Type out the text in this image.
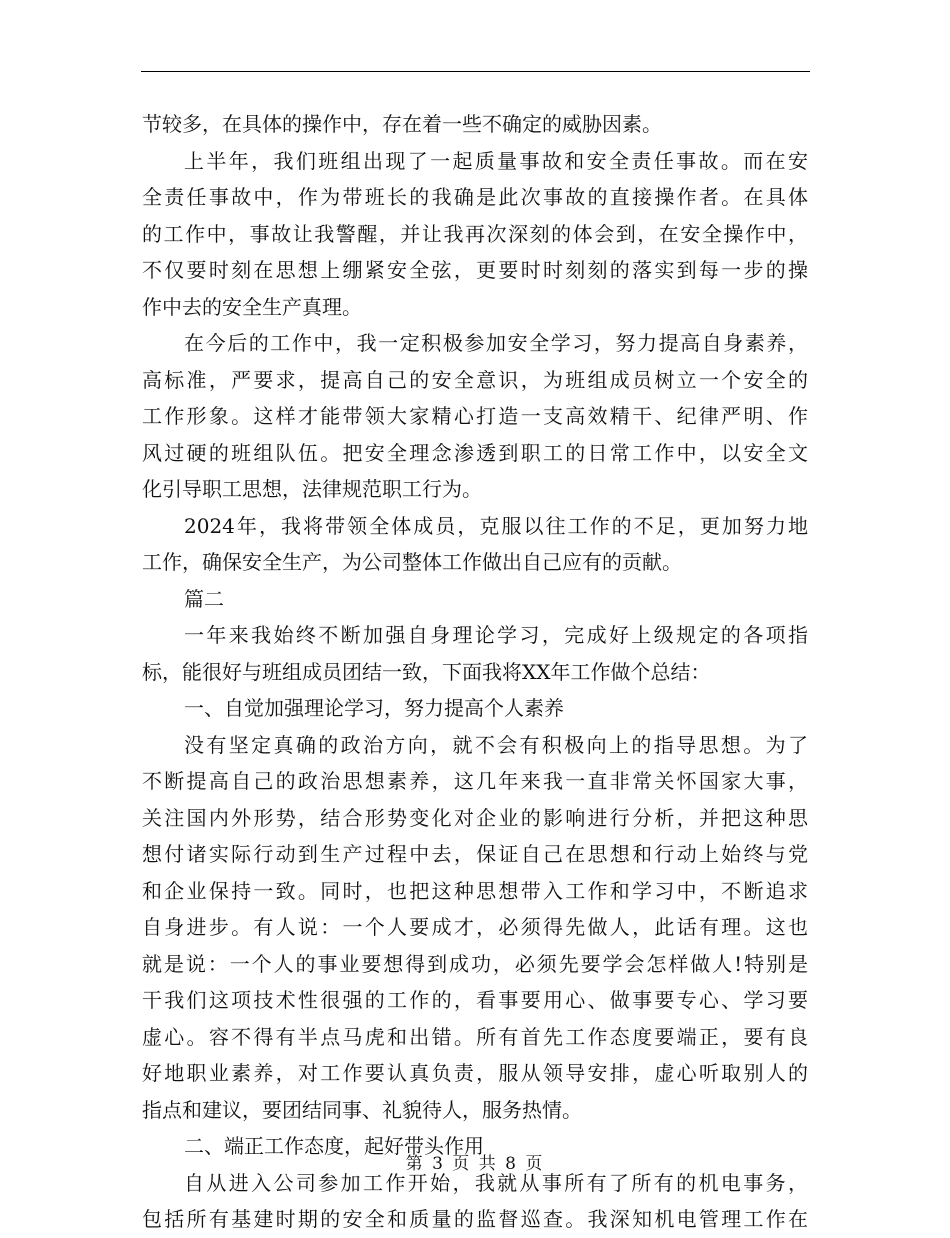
节较多，在具体的操作中，存在着一些不确定的威胁因素。
上半年，我们班组出现了一起质量事故和安全责任事故。而在安
全责任事故中，作为带班长的我确是此次事故的直接操作者。在具体
的工作中，事故让我警醒，并让我再次深刻的体会到，在安全操作中，
不仅要时刻在思想上绷紧安全弦，更要时时刻刻的落实到每一步的操
作中去的安全生产真理。
在今后的工作中，我一定积极参加安全学习，努力提高自身素养，
高标准，严要求，提高自己的安全意识，为班组成员树立一个安全的
工作形象。这样才能带领大家精心打造一支高效精干、纪律严明、作
风过硬的班组队伍。把安全理念渗透到职工的日常工作中，以安全文
化引导职工思想，法律规范职工行为。
2024年，我将带领全体成员，克服以往工作的不足，更加努力地
工作，确保安全生产，为公司整体工作做出自己应有的贡献。
篇二
一年来我始终不断加强自身理论学习，完成好上级规定的各项指
标，能很好与班组成员团结一致，下面我将XX年工作做个总结：
一、自觉加强理论学习，努力提高个人素养
没有坚定真确的政治方向，就不会有积极向上的指导思想。为了
不断提高自己的政治思想素养，这几年来我一直非常关怀国家大事，
关注国内外形势，结合形势变化对企业的影响进行分析，并把这种思
想付诸实际行动到生产过程中去，保证自己在思想和行动上始终与党
和企业保持一致。同时，也把这种思想带入工作和学习中，不断追求
自身进步。有人说：一个人要成才，必须得先做人，此话有理。这也
就是说：一个人的事业要想得到成功，必须先要学会怎样做人!特别是
干我们这项技术性很强的工作的，看事要用心、做事要专心、学习要
虚心。容不得有半点马虎和出错。所有首先工作态度要端正，要有良
好地职业素养，对工作要认真负责，服从领导安排，虚心听取别人的
指点和建议，要团结同事、礼貌待人，服务热情。
二、端正工作态度，起好带头作用
自从进入公司参加工作开始，我就从事所有了所有的机电事务，
包括所有基建时期的安全和质量的监督巡查。我深知机电管理工作在
第 3 页 共 8 页
